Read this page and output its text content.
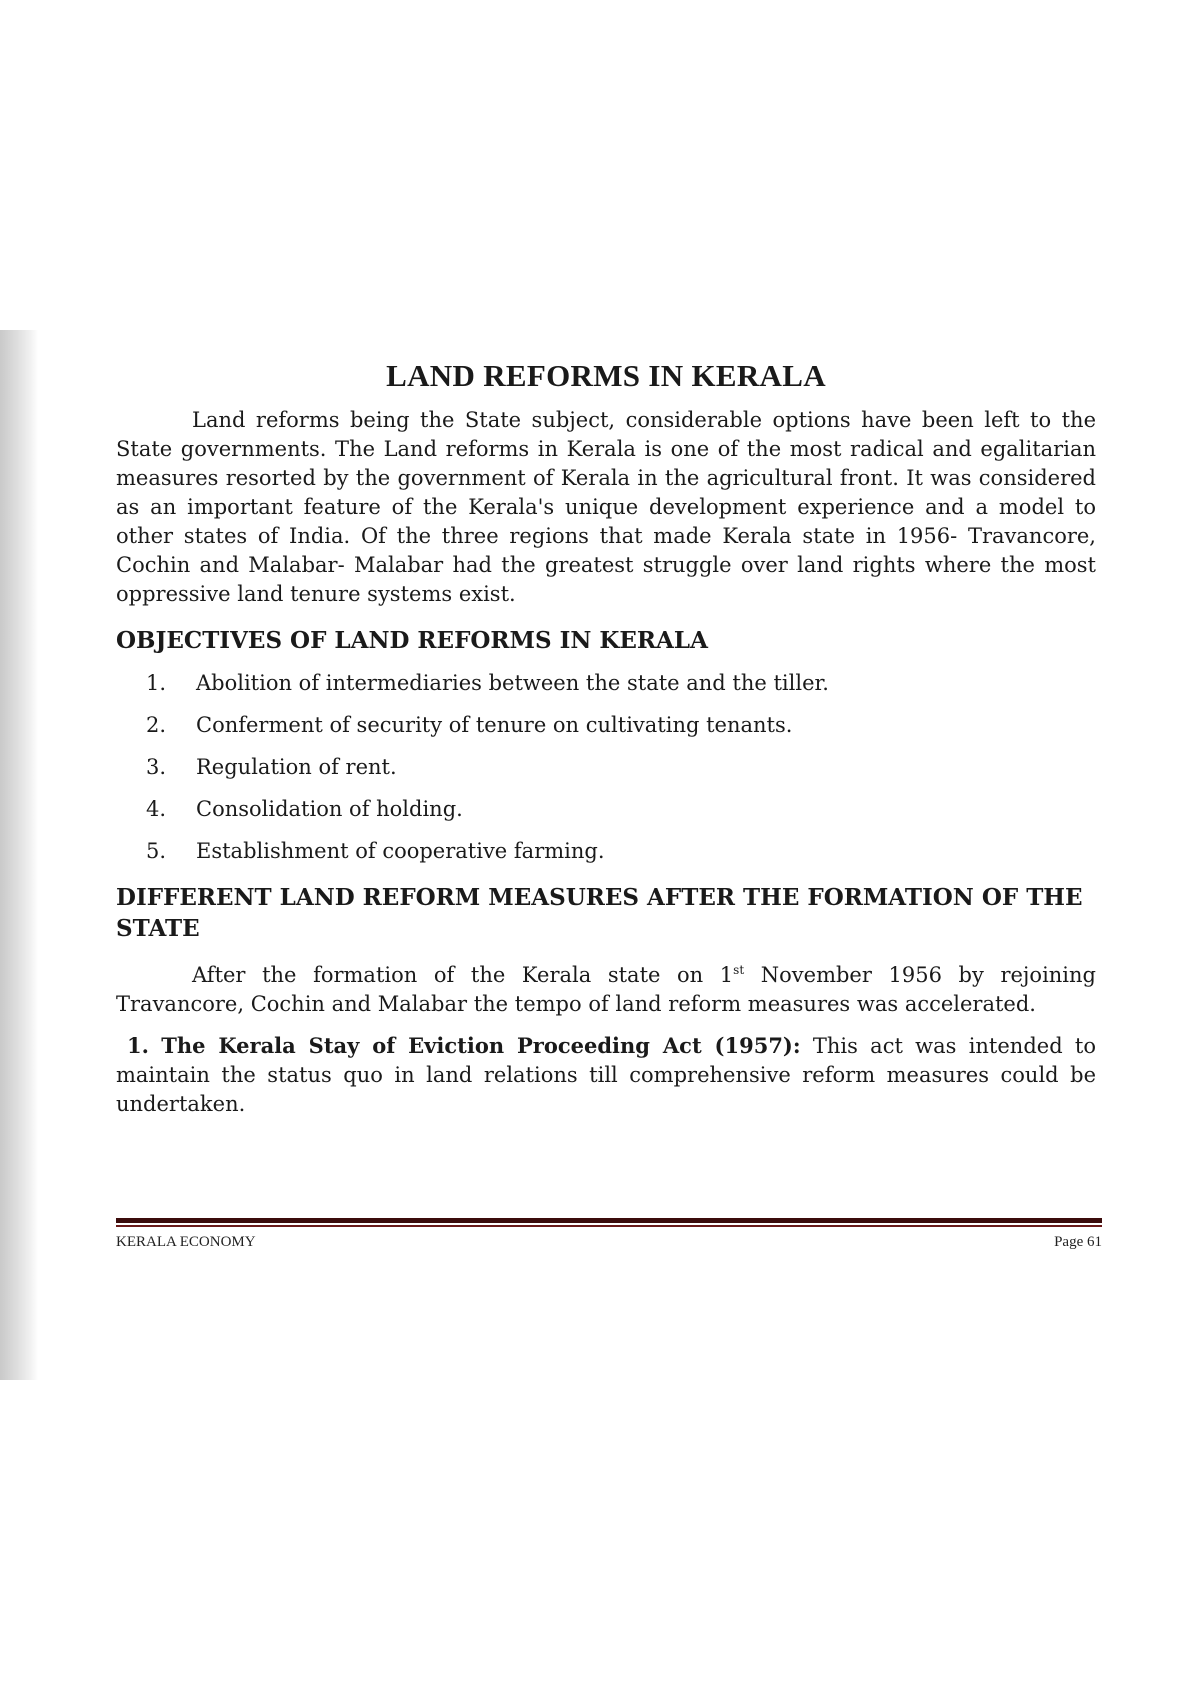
LAND REFORMS IN KERALA

Land reforms being the State subject, considerable options have been left to the State governments. The Land reforms in Kerala is one of the most radical and egalitarian measures resorted by the government of Kerala in the agricultural front. It was considered as an important feature of the Kerala's unique development experience and a model to other states of India. Of the three regions that made Kerala state in 1956- Travancore, Cochin and Malabar- Malabar had the greatest struggle over land rights where the most oppressive land tenure systems exist.

OBJECTIVES OF LAND REFORMS IN KERALA
1.	Abolition of intermediaries between the state and the tiller.
2.	Conferment of security of tenure on cultivating tenants.
3.	Regulation of rent.
4.	Consolidation of holding.
5.	Establishment of cooperative farming.
DIFFERENT LAND REFORM MEASURES AFTER THE FORMATION OF THE STATE

After the formation of the Kerala state on 1st November 1956 by rejoining Travancore, Cochin and Malabar the tempo of land reform measures was accelerated.

1. The Kerala Stay of Eviction Proceeding Act (1957): This act was intended to maintain the status quo in land relations till comprehensive reform measures could be undertaken.

KERALA ECONOMY	Page 61
